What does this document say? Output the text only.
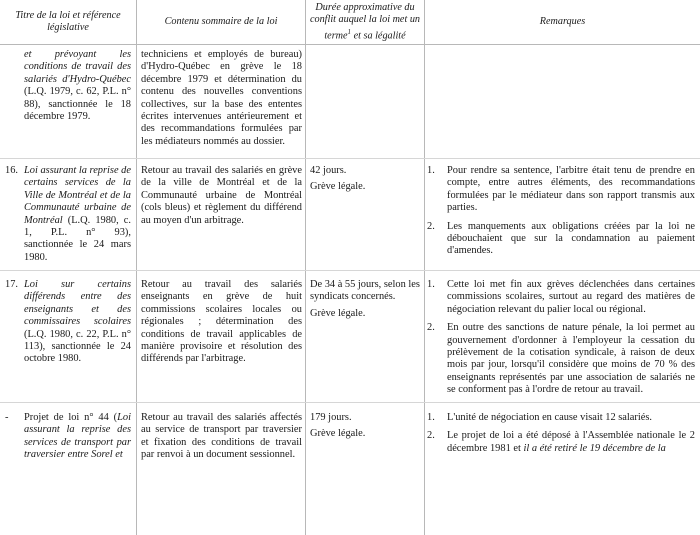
Titre de la loi et référence législative
Contenu sommaire de la loi
Durée approximative du conflit auquel la loi met un terme$^1$ et sa légalité
Remarques
et prévoyant les conditions de travail des salariés d'Hydro-Québec (L.Q. 1979, c. 62, P.L. n° 88), sanctionnée le 18 décembre 1979.
techniciens et employés de bureau) d'Hydro-Québec en grève le 18 décembre 1979 et détermination du contenu des nouvelles conventions collectives, sur la base des ententes écrites intervenues antérieurement et des recommandations formulées par les médiateurs nommés au dossier.
16. Loi assurant la reprise de certains services de la Ville de Montréal et de la Communauté urbaine de Montréal (L.Q. 1980, c. 1, P.L. n° 93), sanctionnée le 24 mars 1980.
Retour au travail des salariés en grève de la ville de Montréal et de la Communauté urbaine de Montréal (cols bleus) et règlement du différend au moyen d'un arbitrage.

42 jours.

Grève légale.

1. Pour rendre sa sentence, l'arbitre était tenu de prendre en compte, entre autres éléments, des recommandations formulées par le médiateur dans son rapport transmis aux parties.
2. Les manquements aux obligations créées par la loi ne débouchaient que sur la condamnation au paiement d'amendes.
17. Loi sur certains différends entre des enseignants et des commissaires scolaires (L.Q. 1980, c. 22, P.L. n° 113), sanctionnée le 24 octobre 1980.
Retour au travail des salariés enseignants en grève de huit commissions scolaires locales ou régionales ; détermination des conditions de travail applicables de manière provisoire et résolution des différends par l'arbitrage.

De 34 à 55 jours, selon les syndicats concernés.

Grève légale.

1. Cette loi met fin aux grèves déclenchées dans certaines commissions scolaires, surtout au regard des matières de négociation relevant du palier local ou régional.
2. En outre des sanctions de nature pénale, la loi permet au gouvernement d'ordonner à l'employeur la cessation du prélèvement de la cotisation syndicale, à raison de deux mois par jour, lorsqu'il considère que moins de 70 % des enseignants représentés par une association de salariés ne se conforment pas à l'ordre de retour au travail.
- Projet de loi n° 44 (Loi assurant la reprise des services de transport par traversier entre Sorel et
Retour au travail des salariés affectés au service de transport par traversier et fixation des conditions de travail par renvoi à un document sessionnel.

179 jours.

Grève légale.

1. L'unité de négociation en cause visait 12 salariés.
2. Le projet de loi a été déposé à l'Assemblée nationale le 2 décembre 1981 et il a été retiré le 19 décembre de la
